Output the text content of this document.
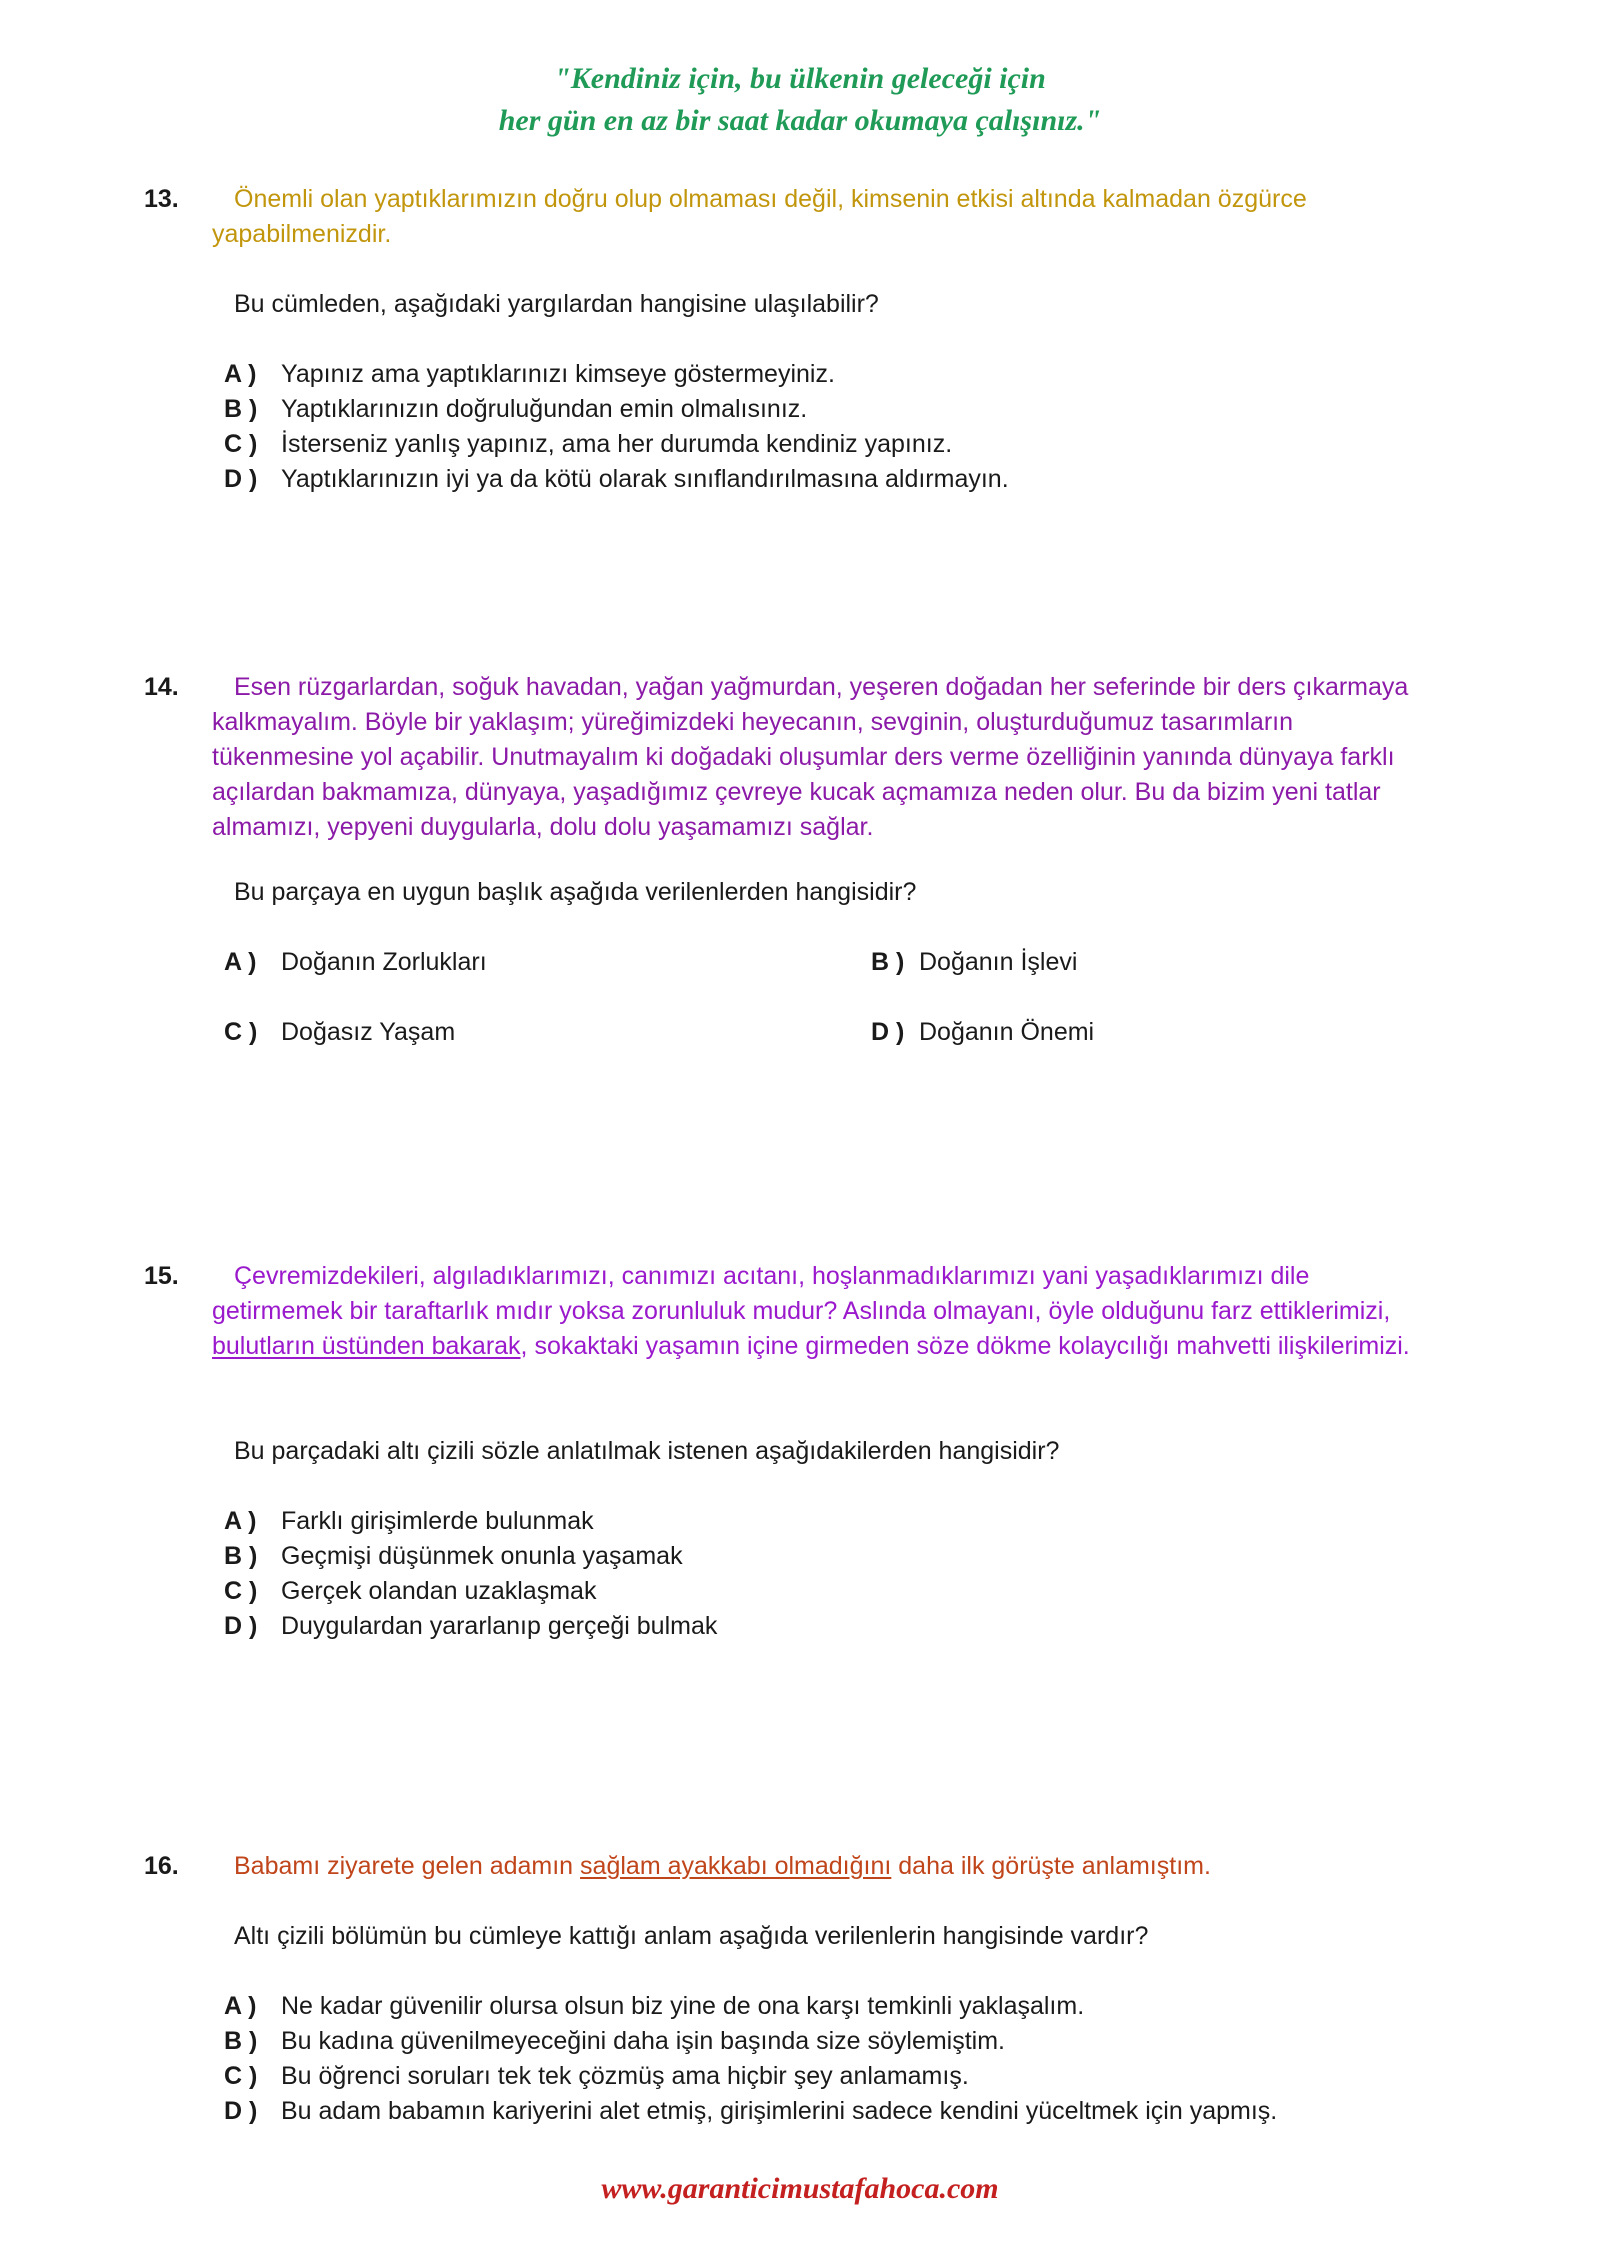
"Kendiniz için, bu ülkenin geleceği için
her gün en az bir saat kadar okumaya çalışınız."
13.	Önemli olan yaptıklarımızın doğru olup olmaması değil, kimsenin etkisi altında kalmadan özgürce yapabilmenizdir.

Bu cümleden, aşağıdaki yargılardan hangisine ulaşılabilir?

A ) Yapınız ama yaptıklarınızı kimseye göstermeyiniz.
B ) Yaptıklarınızın doğruluğundan emin olmalısınız.
C ) İsterseniz yanlış yapınız, ama her durumda kendiniz yapınız.
D ) Yaptıklarınızın iyi ya da kötü olarak sınıflandırılmasına aldırmayın.
14.	Esen rüzgarlardan, soğuk havadan, yağan yağmurdan, yeşeren doğadan her seferinde bir ders çıkarmaya kalkmayalım. Böyle bir yaklaşım; yüreğimizdeki heyecanın, sevginin, oluşturduğumuz tasarımların tükenmesine yol açabilir. Unutmayalım ki doğadaki oluşumlar ders verme özelliğinin yanında dünyaya farklı açılardan bakmamıza, dünyaya, yaşadığımız çevreye kucak açmamıza neden olur. Bu da bizim yeni tatlar almamızı, yepyeni duygularla, dolu dolu yaşamamızı sağlar.

Bu parçaya en uygun başlık aşağıda verilenlerden hangisidir?

A ) Doğanın Zorlukları	B ) Doğanın İşlevi
C ) Doğasız Yaşam	D ) Doğanın Önemi
15.	Çevremizdekileri, algıladıklarımızı, canımızı acıtanı, hoşlanmadıklarımızı yani yaşadıklarımızı dile getirmemek bir taraftarlık mıdır yoksa zorunluluk mudur? Aslında olmayanı, öyle olduğunu farz ettiklerimizi, bulutların üstünden bakarak, sokaktaki yaşamın içine girmeden söze dökme kolaycılığı mahvetti ilişkilerimizi.

Bu parçadaki altı çizili sözle anlatılmak istenen aşağıdakilerden hangisidir?

A ) Farklı girişimlerde bulunmak
B ) Geçmişi düşünmek onunla yaşamak
C ) Gerçek olandan uzaklaşmak
D ) Duygulardan yararlanıp gerçeği bulmak
16.	Babamı ziyarete gelen adamın sağlam ayakkabı olmadığını daha ilk görüşte anlamıştım.

Altı çizili bölümün bu cümleye kattığı anlam aşağıda verilenlerin hangisinde vardır?

A ) Ne kadar güvenilir olursa olsun biz yine de ona karşı temkinli yaklaşalım.
B ) Bu kadına güvenilmeyeceğini daha işin başında size söylemiştim.
C ) Bu öğrenci soruları tek tek çözmüş ama hiçbir şey anlamamış.
D ) Bu adam babamın kariyerini alet etmiş, girişimlerini sadece kendini yüceltmek için yapmış.
www.garanticimustafahoca.com
